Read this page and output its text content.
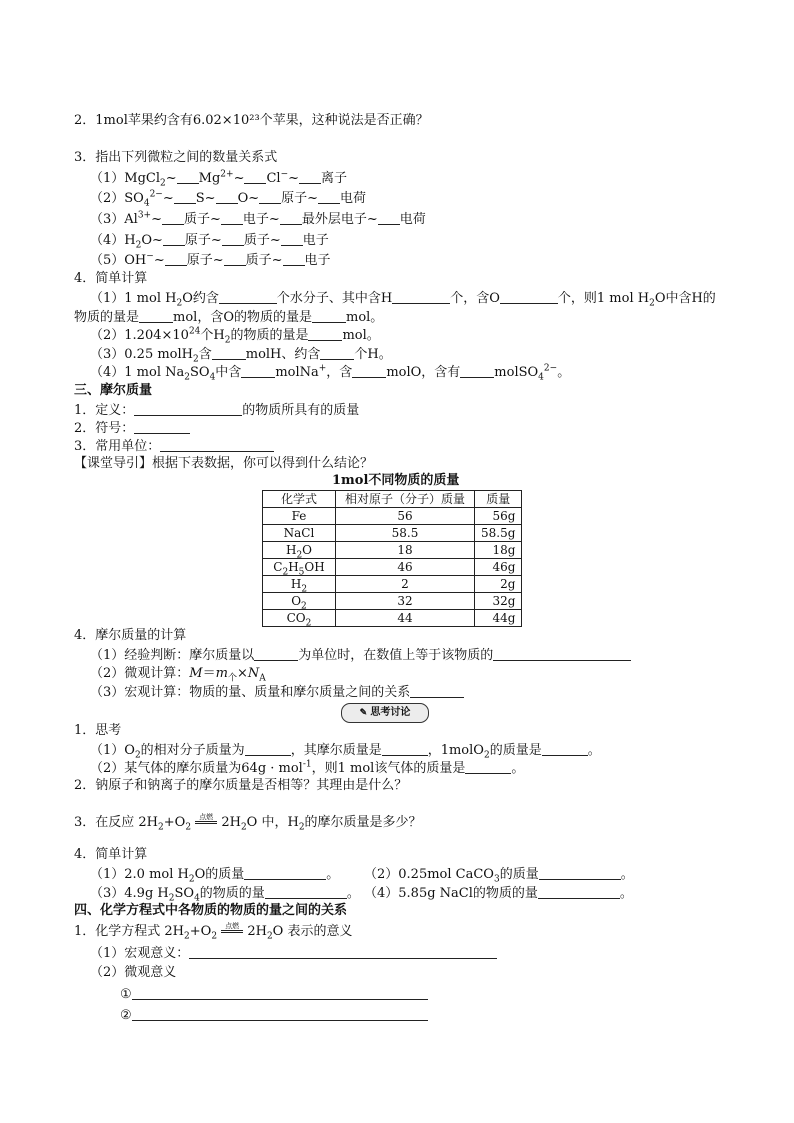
2．1mol苹果约含有6.02×10²³个苹果，这种说法是否正确？
3．指出下列微粒之间的数量关系式
（1）MgCl$_2$~ $Mg^{2+}\sim$ Cl−~ 离子
$(2)SO_4^{2-}\sim$ S~ O~ 原子~ 电荷
$(3)Al^{3+}\sim$ 质子~ 电子~ 最外层电子~ 电荷
$(4)H_2O\sim$ 原子~ 质子~ 电子
（5）OH−~ 原子~ 质子~ 电子
4．简单计算
（1）1 mol $H_2O$约含	个水分子、其中含H	个，含O	个，则1 mol $H_2O$中含H的
物质的量是	mol，含O的物质的量是	mol。
$(2)1.204\times 10^{24}$个$H_2$的物质的量是	mol。
（3）0.25 molH$_2$含	molH、约含	个H。
（4）1 mol $Na_2SO_4$中含	molNa+，含	molO，含有	molSO$_4^{2-}$。
三、摩尔质量
1．定义：	的物质所具有的质量
2．符号：
3．常用单位：
【课堂导引】根据下表数据，你可以得到什么结论？
1mol不同物质的质量
化学式	相对原子（分子）质量	质量
Fe	56	56g
NaCl	58.5	58.5g
$H_2O$	18	18g
$C_2H_5OH$	46	46g
$H_2$	2	2g
$O_2$	32	32g
$CO_2$	44	44g
4．摩尔质量的计算
（1）经验判断：摩尔质量以	为单位时，在数值上等于该物质的
（2）微观计算：$M=m_个\times N_A$
（3）宏观计算：物质的量、质量和摩尔质量之间的关系
✎ 思考讨论
1．思考
$(1)O_2$的相对分子质量为	，其摩尔质量是	，1molO$_2$的质量是	。
（2）某气体的摩尔质量为64g · mol$^{-1}$，则1 mol该气体的质量是	。
2．钠原子和钠离子的摩尔质量是否相等？其理由是什么？
3．在反应 $2H_2+O_2$
点燃 $2H_2O$ 中，$H_2$的摩尔质量是多少？
4．简单计算
（1）2.0 mol $H_2O$的质量	。 （2）0.25mol CaCO$_3$的质量	。
（3）4.9g $H_2SO_4$的物质的量	。 （4）5.85g NaCl的物质的量	。
四、化学方程式中各物质的物质的量之间的关系
1．化学方程式 $2H_2+O_2$
点燃 $2H_2O$ 表示的意义
（1）宏观意义：
（2）微观意义
①
②
